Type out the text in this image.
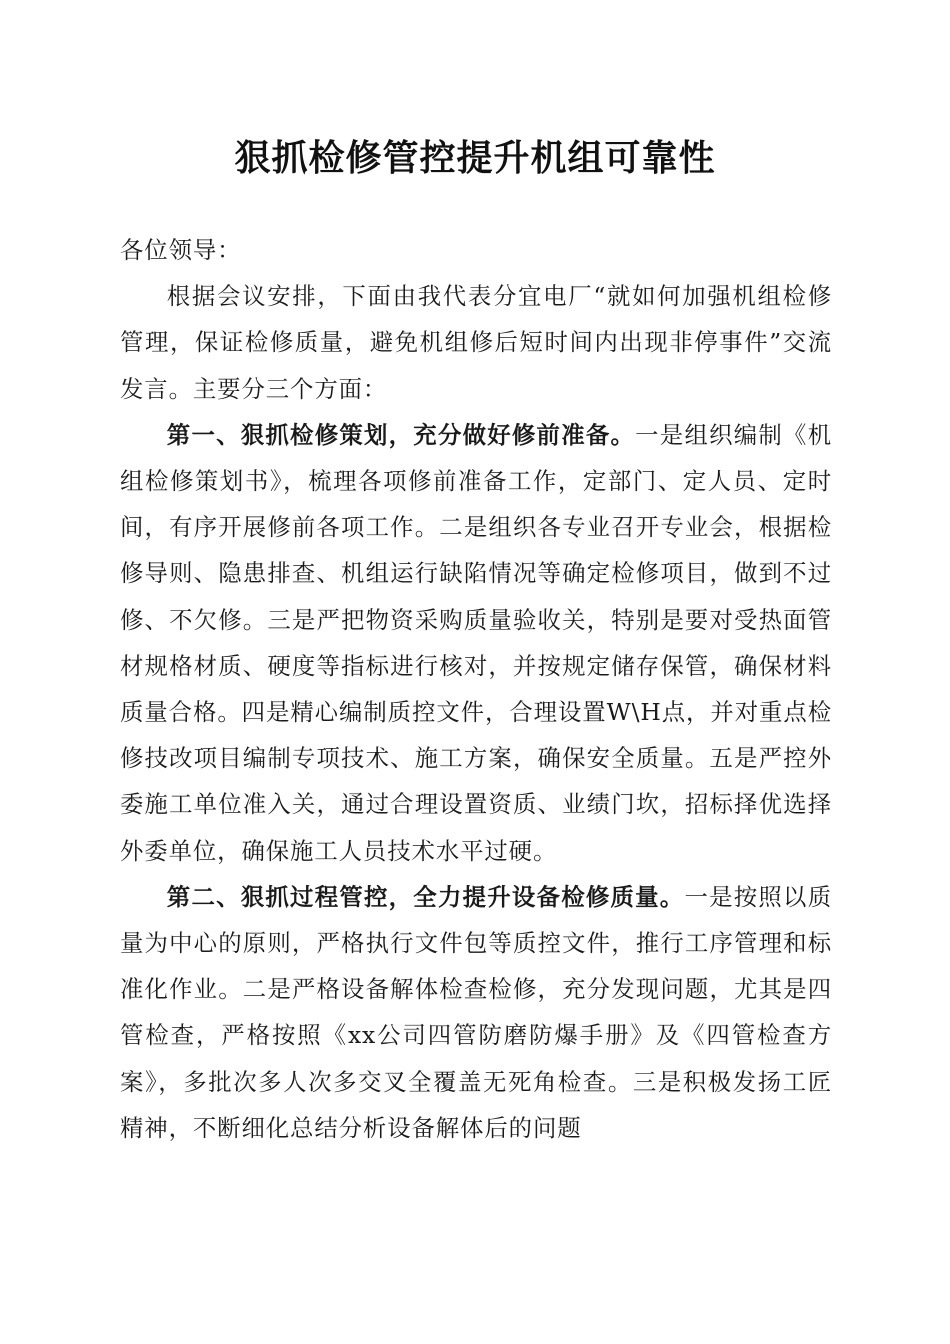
狠抓检修管控提升机组可靠性

各位领导：

根据会议安排，下面由我代表分宜电厂“就如何加强机组检修管理，保证检修质量，避免机组修后短时间内出现非停事件”交流发言。主要分三个方面：

第一、狠抓检修策划，充分做好修前准备。一是组织编制《机组检修策划书》，梳理各项修前准备工作，定部门、定人员、定时间，有序开展修前各项工作。二是组织各专业召开专业会，根据检修导则、隐患排查、机组运行缺陷情况等确定检修项目，做到不过修、不欠修。三是严把物资采购质量验收关，特别是要对受热面管材规格材质、硬度等指标进行核对，并按规定储存保管，确保材料质量合格。四是精心编制质控文件，合理设置W\H点，并对重点检修技改项目编制专项技术、施工方案，确保安全质量。五是严控外委施工单位准入关，通过合理设置资质、业绩门坎，招标择优选择外委单位，确保施工人员技术水平过硬。

第二、狠抓过程管控，全力提升设备检修质量。一是按照以质量为中心的原则，严格执行文件包等质控文件，推行工序管理和标准化作业。二是严格设备解体检查检修，充分发现问题，尤其是四管检查，严格按照《xx公司四管防磨防爆手册》及《四管检查方案》，多批次多人次多交叉全覆盖无死角检查。三是积极发扬工匠精神，不断细化总结分析设备解体后的问题
